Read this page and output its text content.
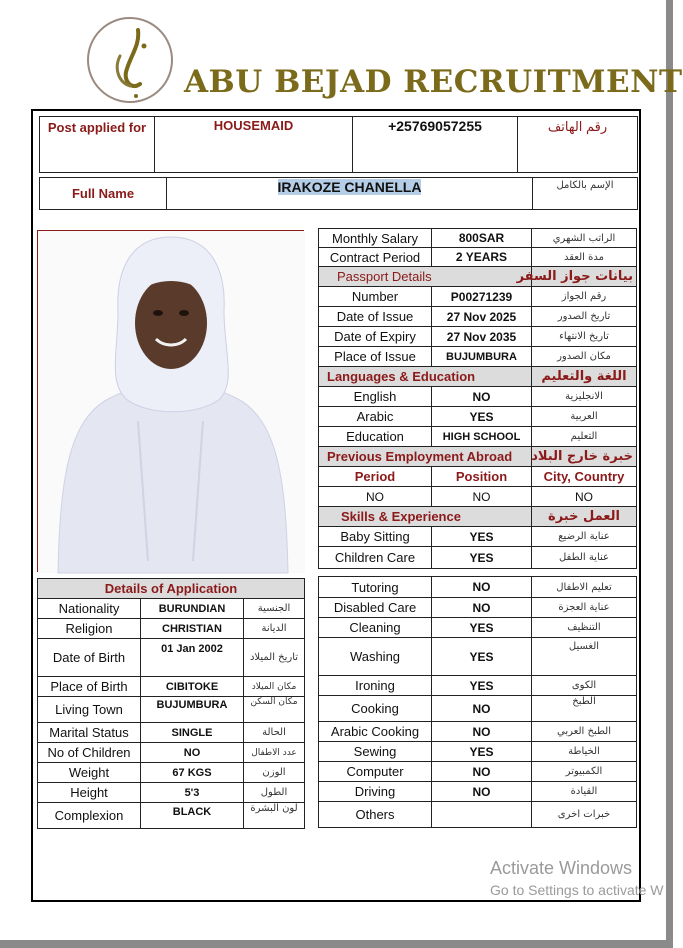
ABU BEJAD RECRUITMENT
Post applied for	HOUSEMAID	+25769057255	رقم الهاتف
Full Name	IRAKOZE CHANELLA	الإسم بالكامل
Monthly Salary	800SAR	الراتب الشهري
Contract Period	2 YEARS	مدة العقد
Passport Details		بيانات جواز السفر
Number	P00271239	رقم الجواز
Date of Issue	27 Nov 2025	تاريخ الصدور
Date of Expiry	27 Nov 2035	تاريخ الانتهاء
Place of Issue	BUJUMBURA	مكان الصدور
Languages & Education		اللغة والتعليم
English	NO	الانجليزية
Arabic	YES	العربية
Education	HIGH SCHOOL	التعليم
Previous Employment Abroad		خبرة خارج البلاد
Period	Position	City, Country
NO	NO	NO
Skills & Experience		العمل خبرة
Baby Sitting	YES	عناية الرضيع
Children Care	YES	عناية الطفل
Details of Application		
Nationality	BURUNDIAN	الجنسية
Religion	CHRISTIAN	الديانة
Date of Birth	01 Jan 2002	تاريخ الميلاد
Place of Birth	CIBITOKE	مكان الميلاد
Living Town	BUJUMBURA	مكان السكن
Marital Status	SINGLE	الحالة
No of Children	NO	عدد الاطفال
Weight	67 KGS	الوزن
Height	5'3	الطول
Complexion	BLACK	لون البشرة
Tutoring	NO	تعليم الاطفال
Disabled Care	NO	عناية العجزة
Cleaning	YES	التنظيف
Washing	YES	الغسيل
Ironing	YES	الكوى
Cooking	NO	الطبخ
Arabic Cooking	NO	الطبخ العربي
Sewing	YES	الخياطة
Computer	NO	الكمبيوتر
Driving	NO	القيادة
Others		خبرات اخرى
Activate Windows
Go to Settings to activate W
